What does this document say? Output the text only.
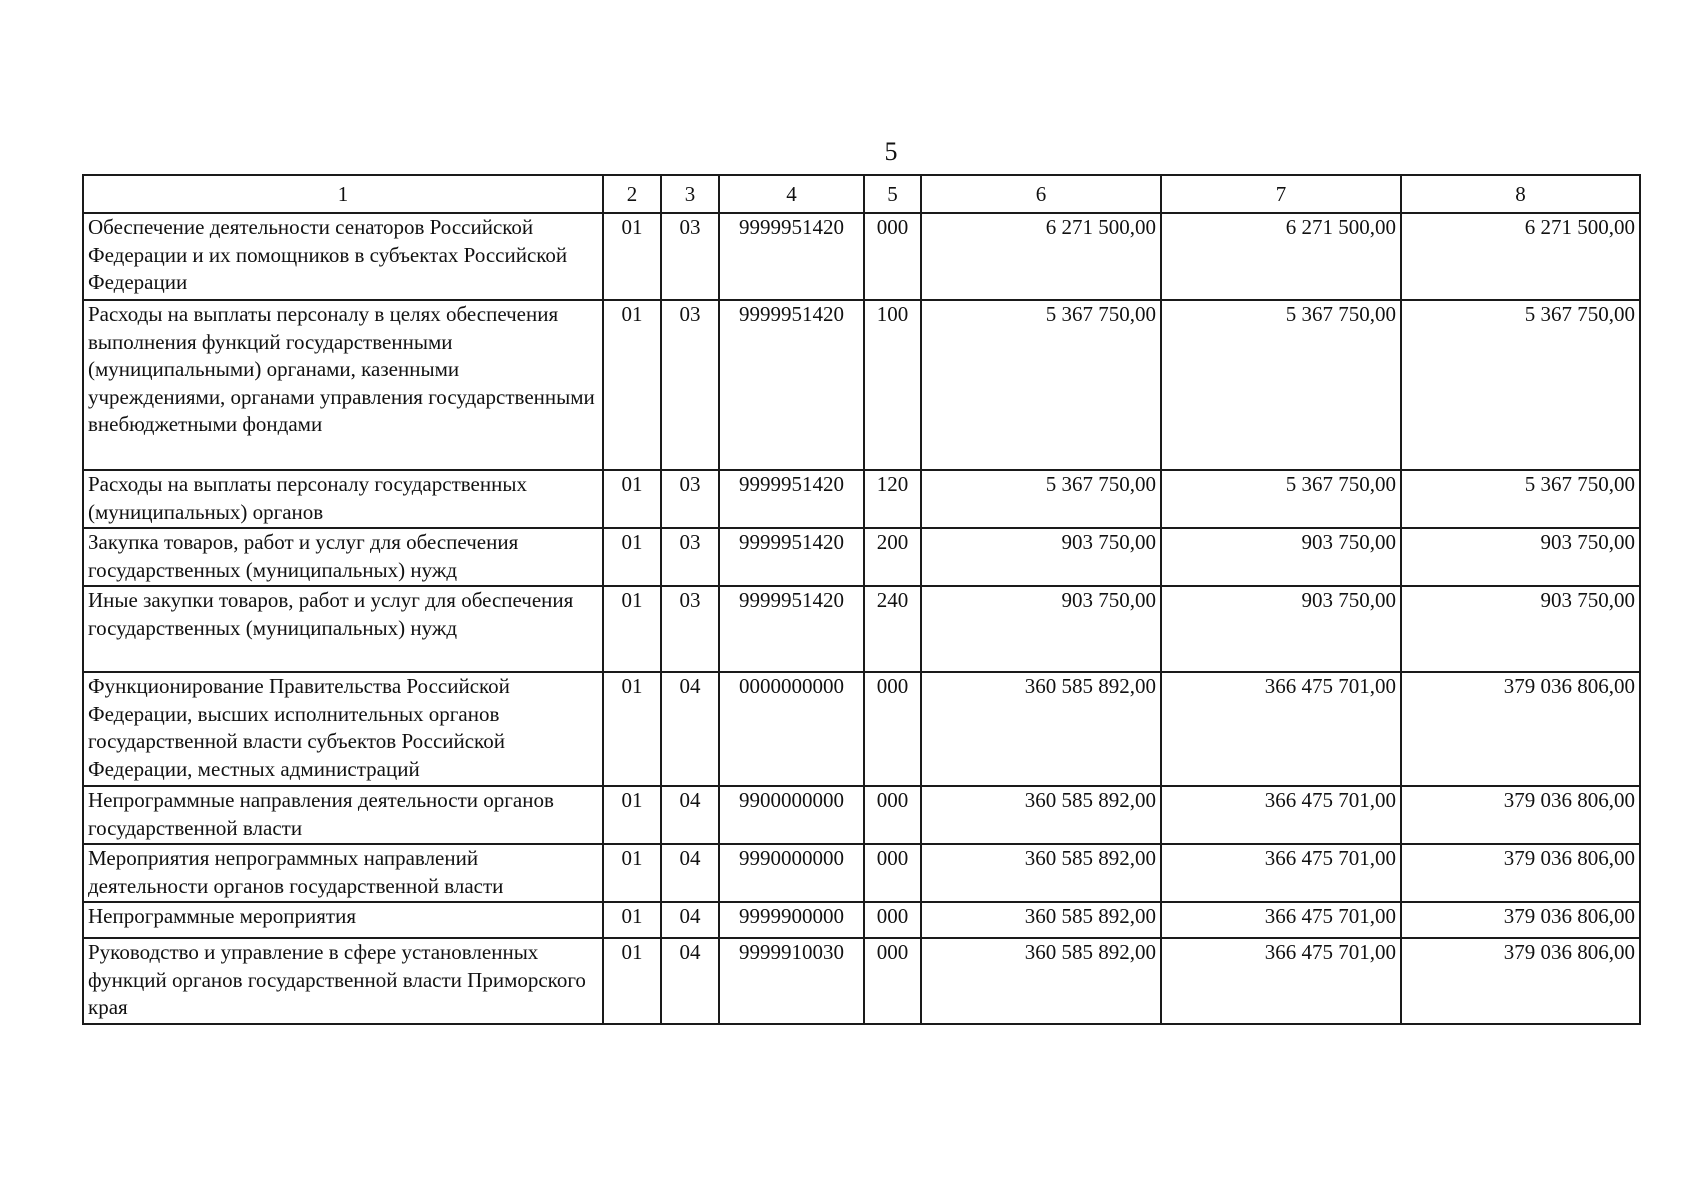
5
1	2	3	4	5	6	7	8
Обеспечение деятельности сенаторов Российской Федерации и их помощников в субъектах Российской Федерации	01	03	9999951420	000	6 271 500,00	6 271 500,00	6 271 500,00
Расходы на выплаты персоналу в целях обеспечения выполнения функций государственными (муниципальными) органами, казенными учреждениями, органами управления государственными внебюджетными фондами	01	03	9999951420	100	5 367 750,00	5 367 750,00	5 367 750,00
Расходы на выплаты персоналу государственных (муниципальных) органов	01	03	9999951420	120	5 367 750,00	5 367 750,00	5 367 750,00
Закупка товаров, работ и услуг для обеспечения государственных (муниципальных) нужд	01	03	9999951420	200	903 750,00	903 750,00	903 750,00
Иные закупки товаров, работ и услуг для обеспечения государственных (муниципальных) нужд	01	03	9999951420	240	903 750,00	903 750,00	903 750,00
Функционирование Правительства Российской Федерации, высших исполнительных органов государственной власти субъектов Российской Федерации, местных администраций	01	04	0000000000	000	360 585 892,00	366 475 701,00	379 036 806,00
Непрограммные направления деятельности органов государственной власти	01	04	9900000000	000	360 585 892,00	366 475 701,00	379 036 806,00
Мероприятия непрограммных направлений деятельности органов государственной власти	01	04	9990000000	000	360 585 892,00	366 475 701,00	379 036 806,00
Непрограммные мероприятия	01	04	9999900000	000	360 585 892,00	366 475 701,00	379 036 806,00
Руководство и управление в сфере установленных функций органов государственной власти Приморского края	01	04	9999910030	000	360 585 892,00	366 475 701,00	379 036 806,00
